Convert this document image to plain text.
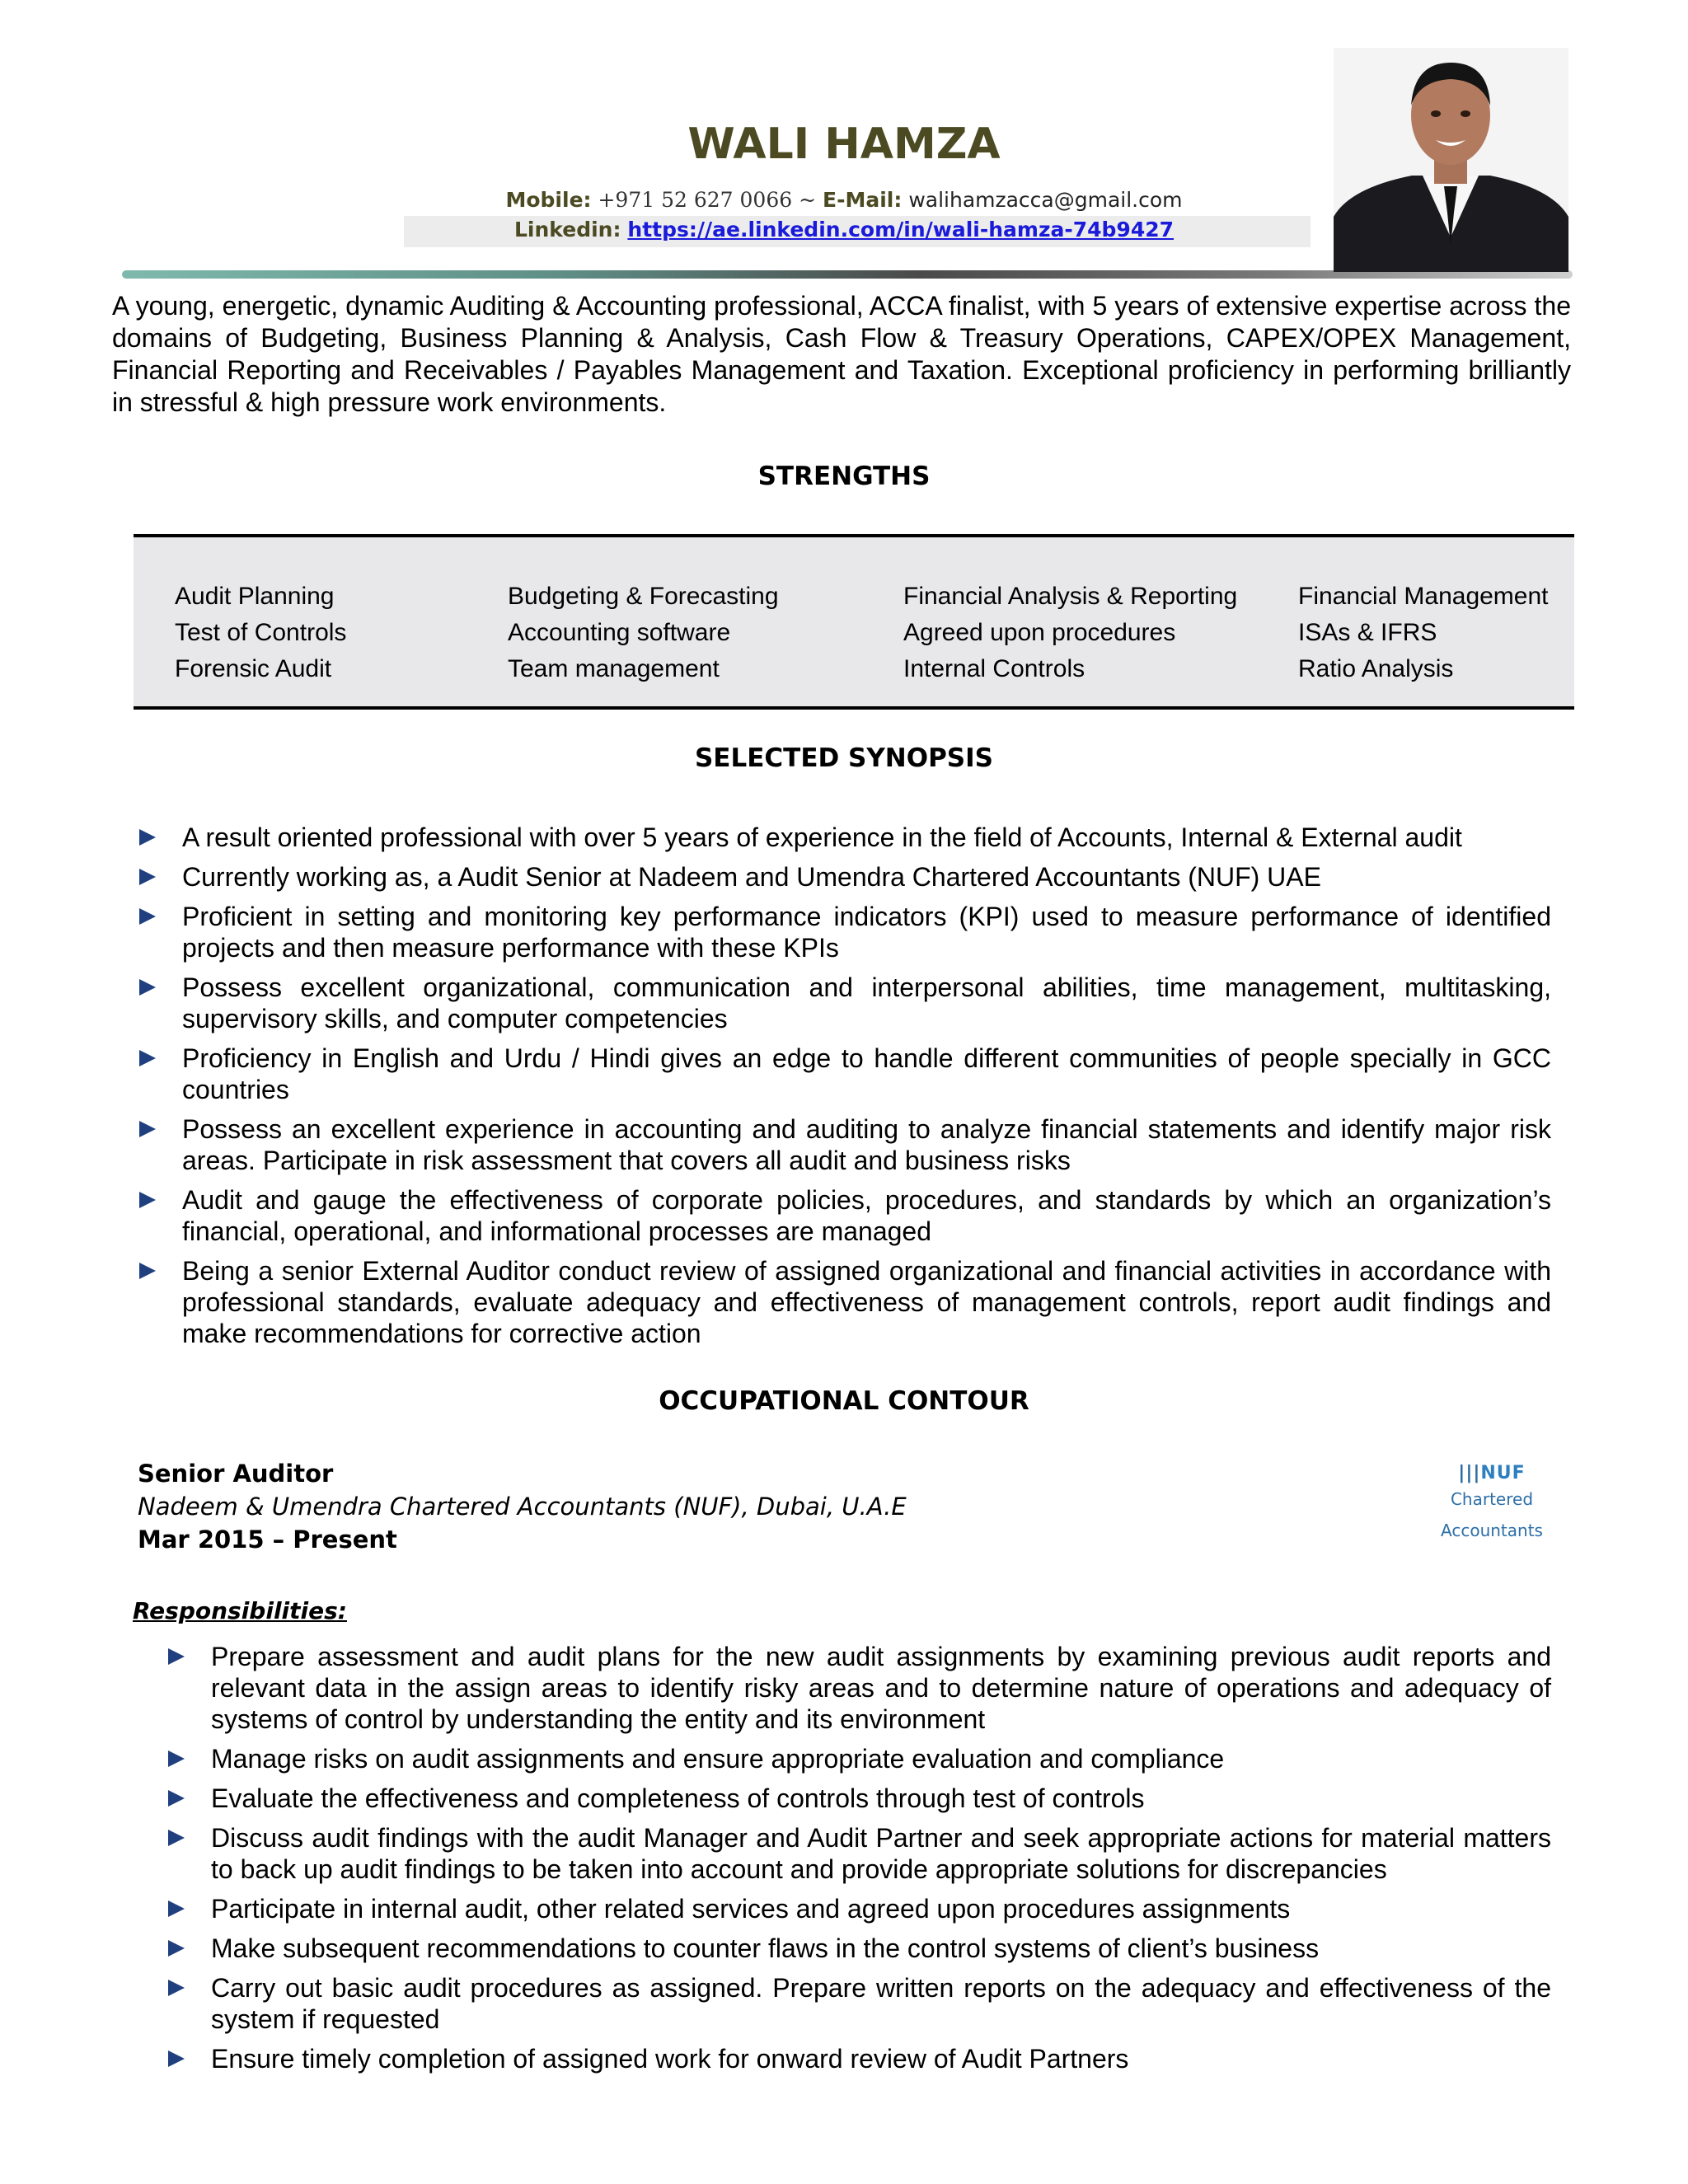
WALI HAMZA
Mobile: +971 52 627 0066 ~ E-Mail: walihamzacca@gmail.com
Linkedin: https://ae.linkedin.com/in/wali-hamza-74b9427
A young, energetic, dynamic Auditing & Accounting professional, ACCA finalist, with 5 years of extensive expertise across the domains of Budgeting, Business Planning & Analysis, Cash Flow & Treasury Operations, CAPEX/OPEX Management, Financial Reporting and Receivables / Payables Management and Taxation. Exceptional proficiency in performing brilliantly in stressful & high pressure work environments.
STRENGTHS
Audit Planning
Test of Controls
Forensic Audit
Budgeting & Forecasting
Accounting software
Team management
Financial Analysis & Reporting
Agreed upon procedures
Internal Controls
Financial Management
ISAs & IFRS
Ratio Analysis
SELECTED SYNOPSIS
A result oriented professional with over 5 years of experience in the field of Accounts, Internal & External audit
Currently working as, a Audit Senior at Nadeem and Umendra Chartered Accountants (NUF) UAE
Proficient in setting and monitoring key performance indicators (KPI) used to measure performance of identified projects and then measure performance with these KPIs
Possess excellent organizational, communication and interpersonal abilities, time management, multitasking, supervisory skills, and computer competencies
Proficiency in English and Urdu / Hindi gives an edge to handle different communities of people specially in GCC countries
Possess an excellent experience in accounting and auditing to analyze financial statements and identify major risk areas. Participate in risk assessment that covers all audit and business risks
Audit and gauge the effectiveness of corporate policies, procedures, and standards by which an organization’s financial, operational, and informational processes are managed
Being a senior External Auditor conduct review of assigned organizational and financial activities in accordance with professional standards, evaluate adequacy and effectiveness of management controls, report audit findings and make recommendations for corrective action
OCCUPATIONAL CONTOUR
Senior Auditor
Nadeem & Umendra Chartered Accountants (NUF), Dubai, U.A.E
Mar 2015 – Present
|||NUF
Chartered
Accountants
Responsibilities:
Prepare assessment and audit plans for the new audit assignments by examining previous audit reports and relevant data in the assign areas to identify risky areas and to determine nature of operations and adequacy of systems of control by understanding the entity and its environment
Manage risks on audit assignments and ensure appropriate evaluation and compliance
Evaluate the effectiveness and completeness of controls through test of controls
Discuss audit findings with the audit Manager and Audit Partner and seek appropriate actions for material matters to back up audit findings to be taken into account and provide appropriate solutions for discrepancies
Participate in internal audit, other related services and agreed upon procedures assignments
Make subsequent recommendations to counter flaws in the control systems of client’s business
Carry out basic audit procedures as assigned. Prepare written reports on the adequacy and effectiveness of the system if requested
Ensure timely completion of assigned work for onward review of Audit Partners
